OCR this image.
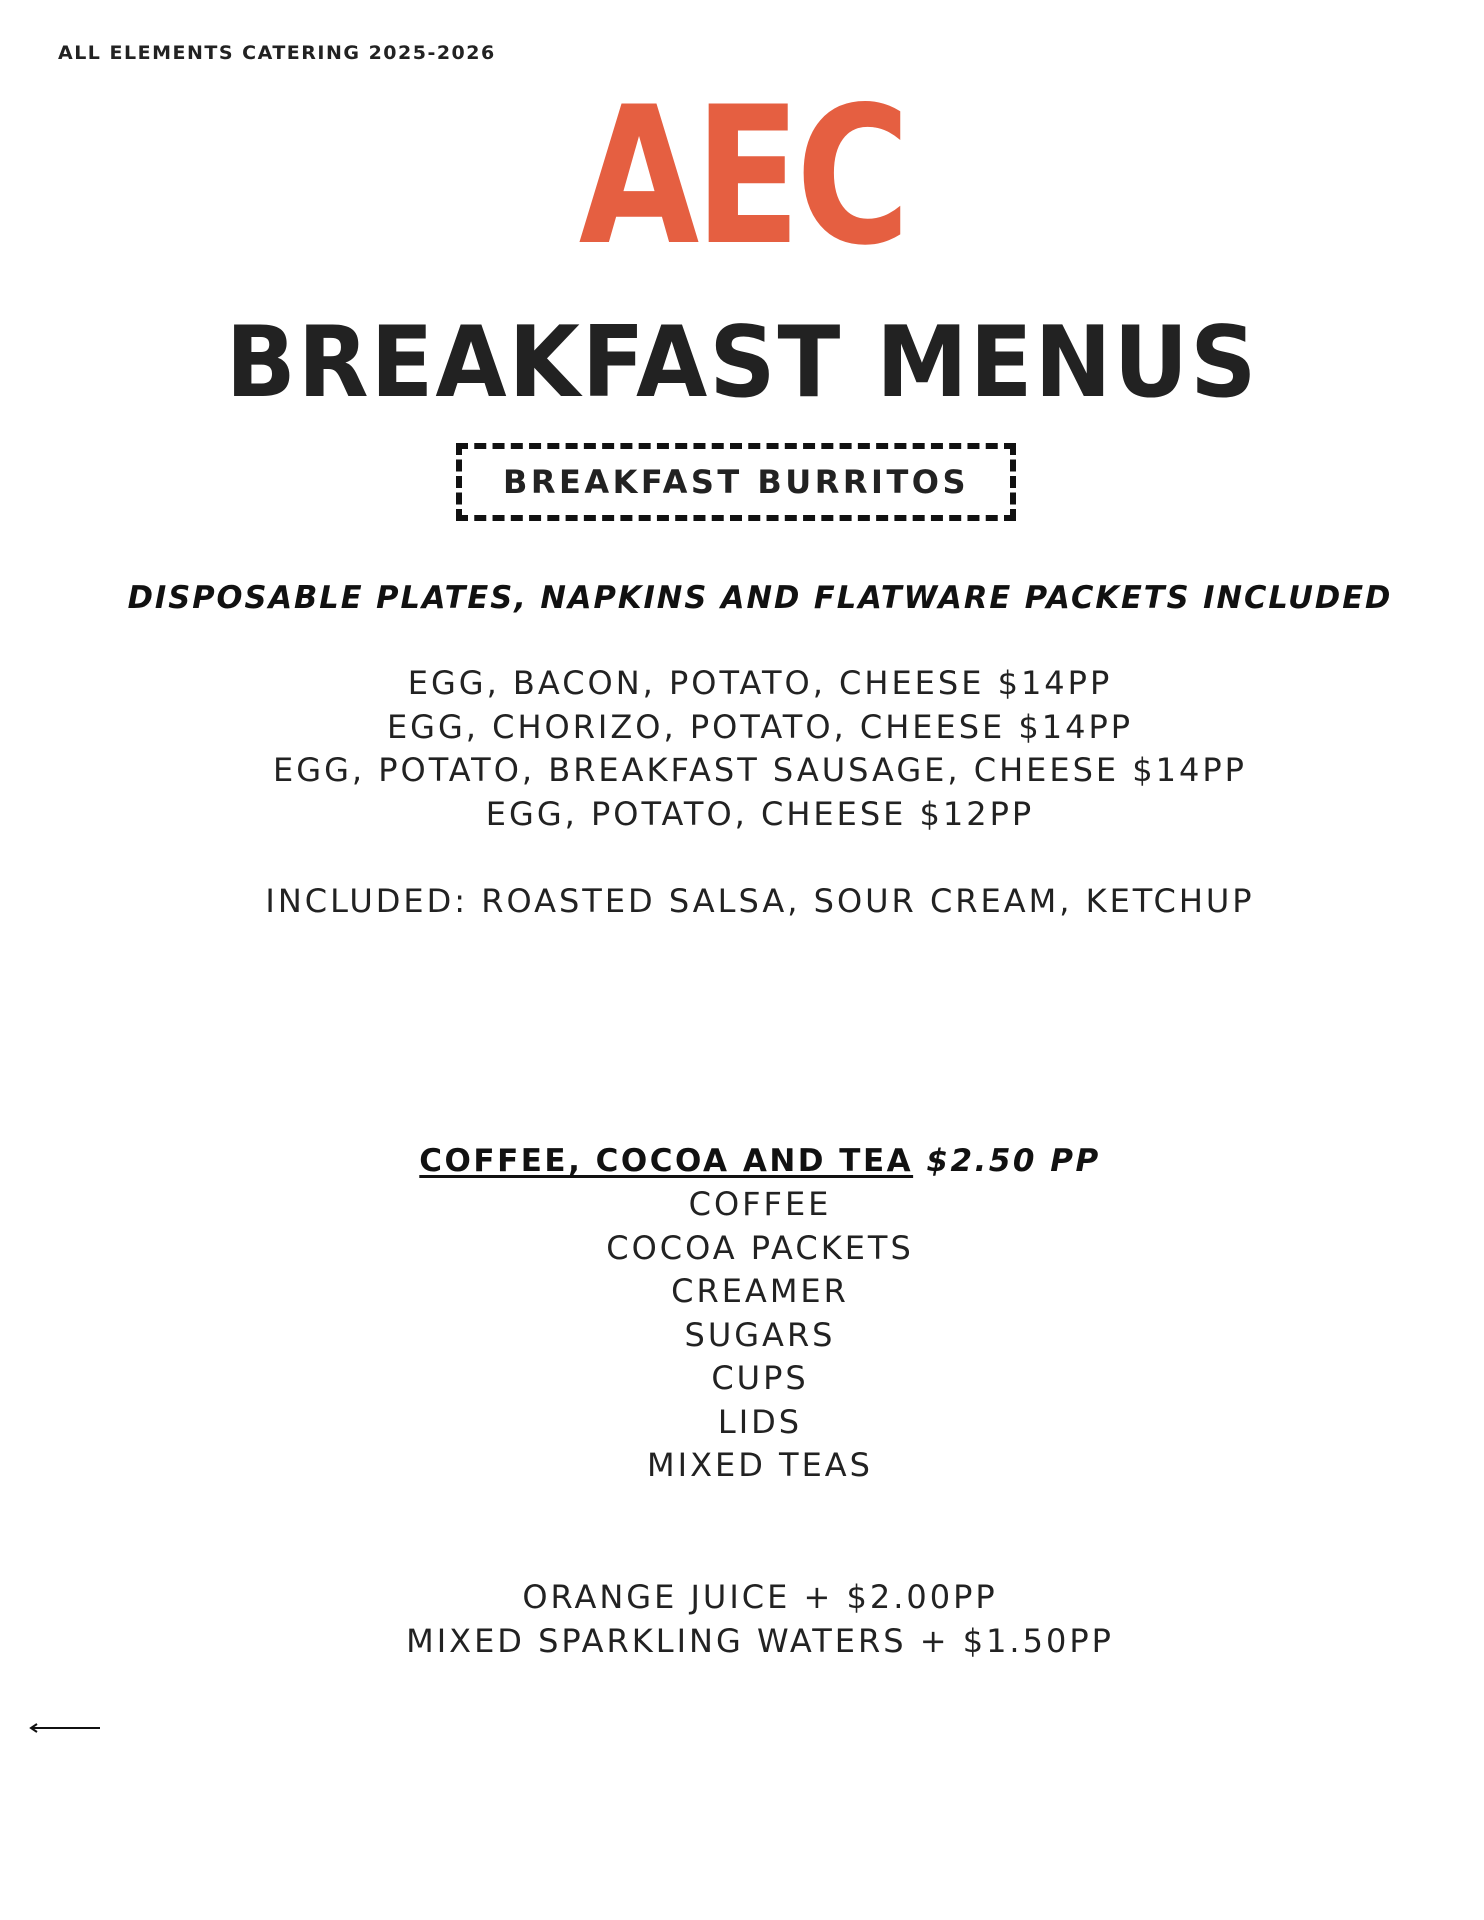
ALL ELEMENTS CATERING 2025-2026
AEC
BREAKFAST MENUS
BREAKFAST BURRITOS
DISPOSABLE PLATES, NAPKINS AND FLATWARE PACKETS INCLUDED
EGG, BACON, POTATO, CHEESE $14PP
EGG, CHORIZO, POTATO, CHEESE $14PP
EGG, POTATO, BREAKFAST SAUSAGE, CHEESE $14PP
EGG, POTATO, CHEESE $12PP
INCLUDED: ROASTED SALSA, SOUR CREAM, KETCHUP
COFFEE, COCOA AND TEA $2.50 PP
COFFEE
COCOA PACKETS
CREAMER
SUGARS
CUPS
LIDS
MIXED TEAS
ORANGE JUICE + $2.00PP
MIXED SPARKLING WATERS + $1.50PP
